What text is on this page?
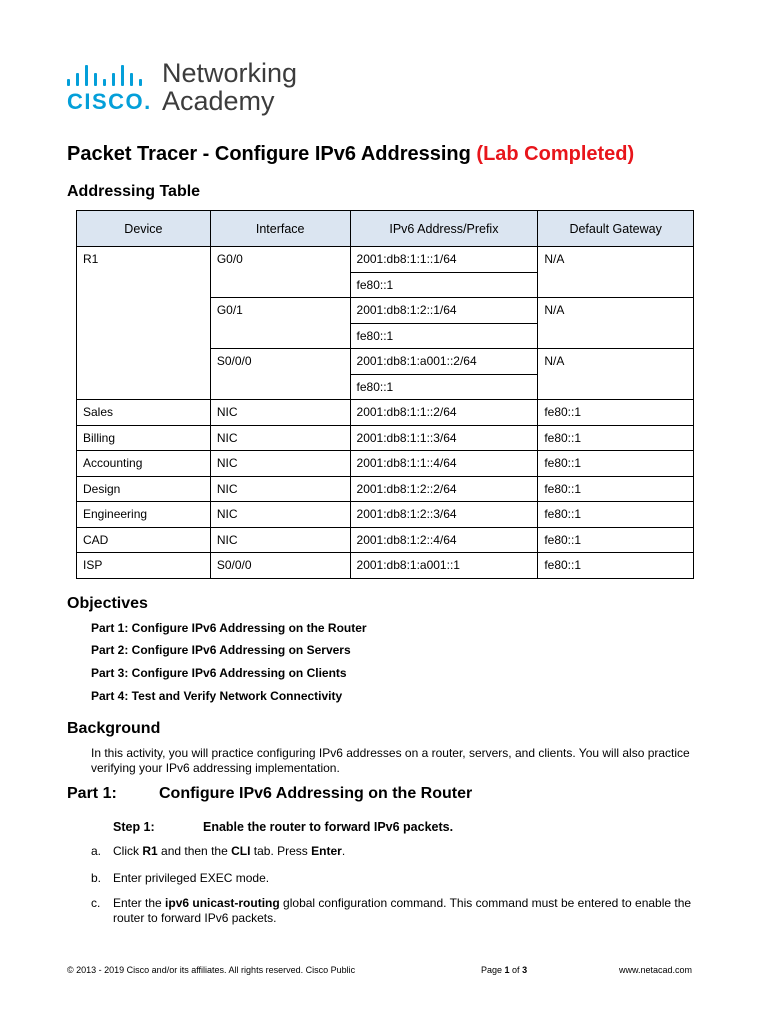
CISCO.
Networking
Academy
Packet Tracer - Configure IPv6 Addressing (Lab Completed)
Addressing Table
Device	Interface	IPv6 Address/Prefix	Default Gateway
R1	G0/0	2001:db8:1:1::1/64	N/A
		fe80::1	
	G0/1	2001:db8:1:2::1/64	N/A
		fe80::1	
	S0/0/0	2001:db8:1:a001::2/64	N/A
		fe80::1	
Sales	NIC	2001:db8:1:1::2/64	fe80::1
Billing	NIC	2001:db8:1:1::3/64	fe80::1
Accounting	NIC	2001:db8:1:1::4/64	fe80::1
Design	NIC	2001:db8:1:2::2/64	fe80::1
Engineering	NIC	2001:db8:1:2::3/64	fe80::1
CAD	NIC	2001:db8:1:2::4/64	fe80::1
ISP	S0/0/0	2001:db8:1:a001::1	fe80::1
Objectives
Part 1: Configure IPv6 Addressing on the Router
Part 2: Configure IPv6 Addressing on Servers
Part 3: Configure IPv6 Addressing on Clients
Part 4: Test and Verify Network Connectivity
Background
In this activity, you will practice configuring IPv6 addresses on a router, servers, and clients. You will also practice verifying your IPv6 addressing implementation.
Part 1:	Configure IPv6 Addressing on the Router
Step 1:	Enable the router to forward IPv6 packets.
a. Click R1 and then the CLI tab. Press Enter.
b. Enter privileged EXEC mode.
c. Enter the ipv6 unicast-routing global configuration command. This command must be entered to enable the router to forward IPv6 packets.
© 2013 - 2019 Cisco and/or its affiliates. All rights reserved. Cisco Public	Page 1 of 3	www.netacad.com
